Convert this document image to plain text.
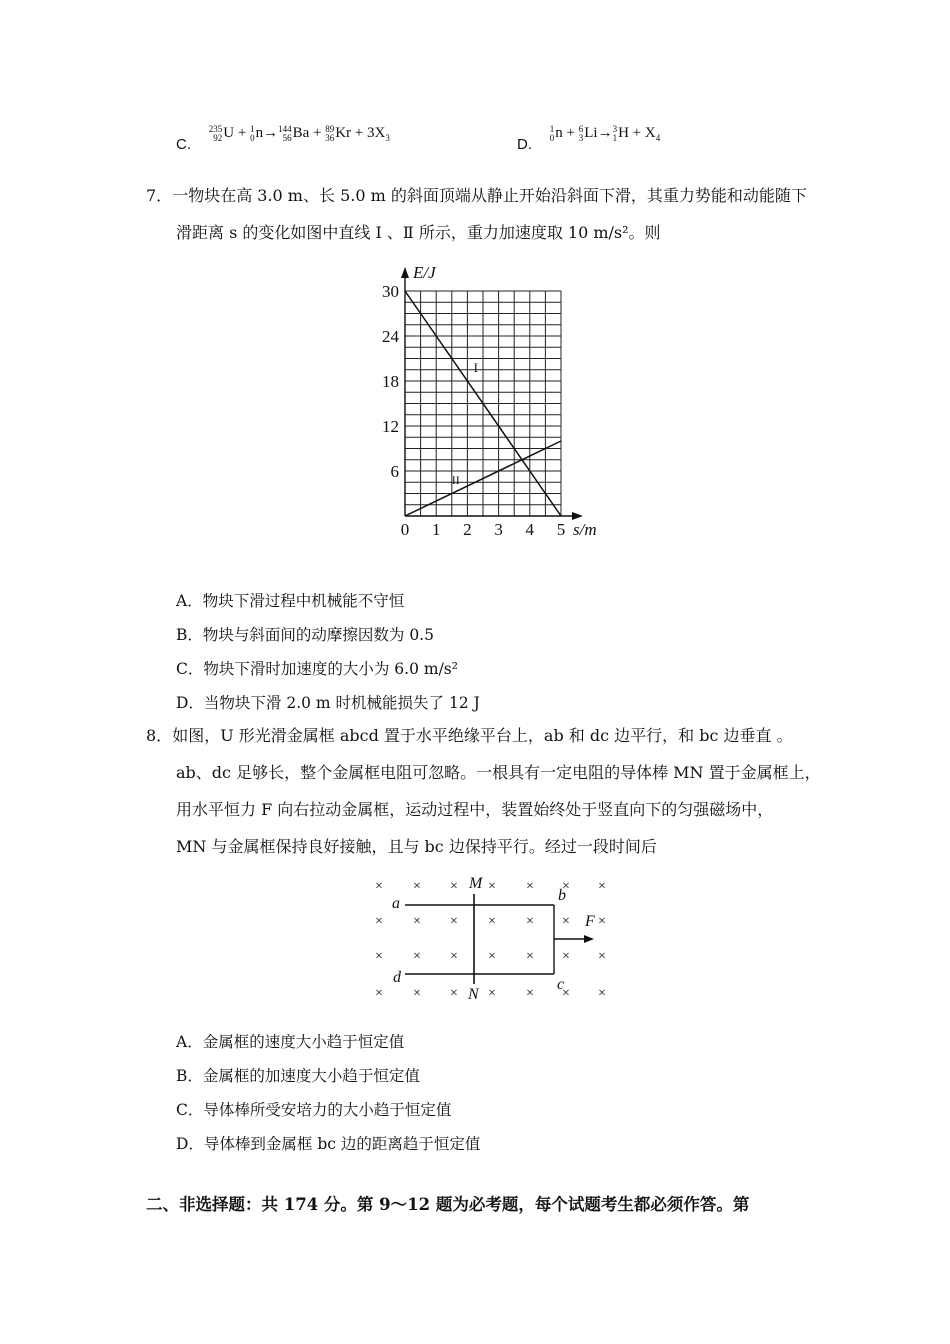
C.
235
92 U + 1
0 n→ 144
56 Ba + 89
36 $Kr + 3X_3$	D.
1
0 n + 6
3 Li→ 3
1 $H + X_4$
7．一物块在高 3.0 m、长 5.0 m 的斜面顶端从静止开始沿斜面下滑，其重力势能和动能随下
滑距离 s 的变化如图中直线 Ⅰ 、Ⅱ 所示，重力加速度取 10 m/s²。则
I
II
0 1 2 3 4 5
6
12
18
24
30
E/J
s/m
A．物块下滑过程中机械能不守恒
B．物块与斜面间的动摩擦因数为 0.5
C．物块下滑时加速度的大小为 6.0 m/s²
D．当物块下滑 2.0 m 时机械能损失了 12 J
8．如图，U 形光滑金属框 abcd 置于水平绝缘平台上，ab 和 dc 边平行，和 bc 边垂直 。
ab、dc 足够长，整个金属框电阻可忽略。一根具有一定电阻的导体棒 MN 置于金属框上，
用水平恒力 F 向右拉动金属框，运动过程中，装置始终处于竖直向下的匀强磁场中，
MN 与金属框保持良好接触，且与 bc 边保持平行。经过一段时间后
× × × × × × ×
× × × × × × ×
× × × × × × ×
× × × × × × ×
a	b
d	c
M
N
F
A．金属框的速度大小趋于恒定值
B．金属框的加速度大小趋于恒定值
C．导体棒所受安培力的大小趋于恒定值
D．导体棒到金属框 bc 边的距离趋于恒定值
二、非选择题：共 174 分。第 9～12 题为必考题，每个试题考生都必须作答。第
